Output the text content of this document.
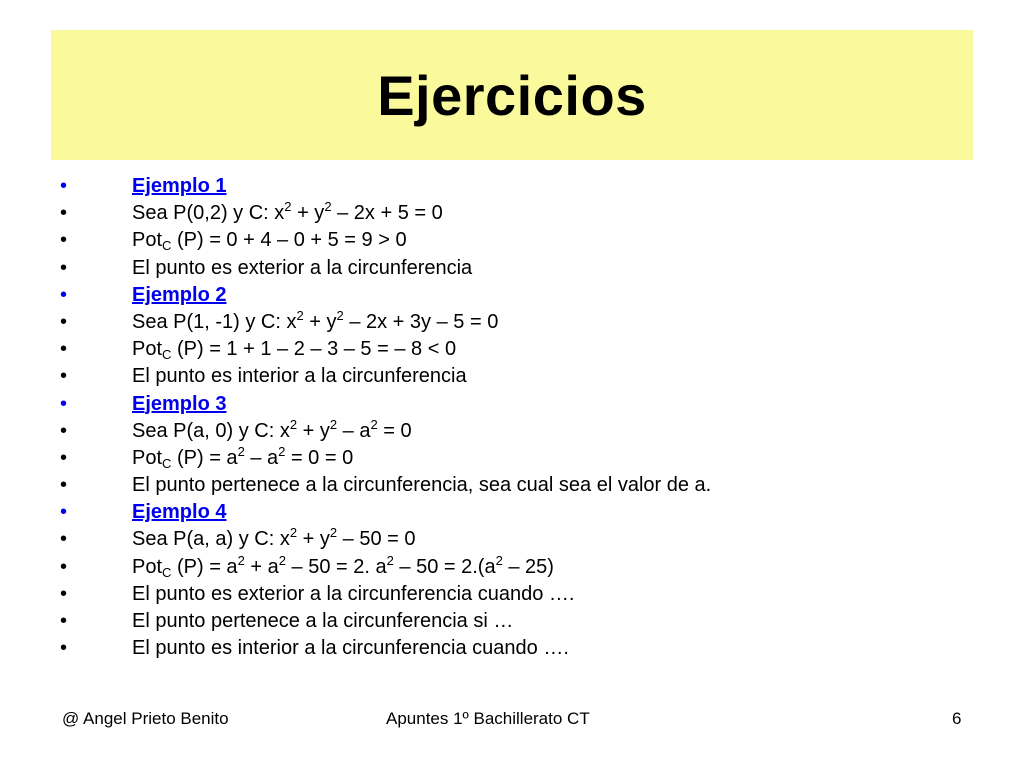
Ejercicios
•	Ejemplo 1
•	Sea P(0,2) y C: $x^2 + y^2 - 2x + 5 = 0$
•	Pot$_C$ (P) = 0 + 4 – 0 + 5 = 9 > 0
•	El punto es exterior a la circunferencia
•	Ejemplo 2
•	Sea P(1, -1) y C: $x^2 + y^2 - 2x + 3y - 5 = 0$
•	Pot$_C$ (P) = 1 + 1 – 2 – 3 – 5 = – 8 < 0
•	El punto es interior a la circunferencia
•	Ejemplo 3
•	Sea P(a, 0) y C: $x^2 + y^2 - a^2 = 0$
•	Pot$_C$ $(P) = a^2 - a^2 = 0 = 0$
•	El punto pertenece a la circunferencia, sea cual sea el valor de a.
•	Ejemplo 4
•	Sea P(a, a) y C: $x^2 + y^2 - 50 = 0$
•	Pot$_C$ $(P) = a^2 + a^2 - 50 = 2$. $a^2 - 50 = 2.(a^2 - 25)$
•	El punto es exterior a la circunferencia cuando ….
•	El punto pertenece a la circunferencia si …
•	El punto es interior a la circunferencia cuando ….
@ Angel Prieto Benito	Apuntes 1º Bachillerato CT	6
